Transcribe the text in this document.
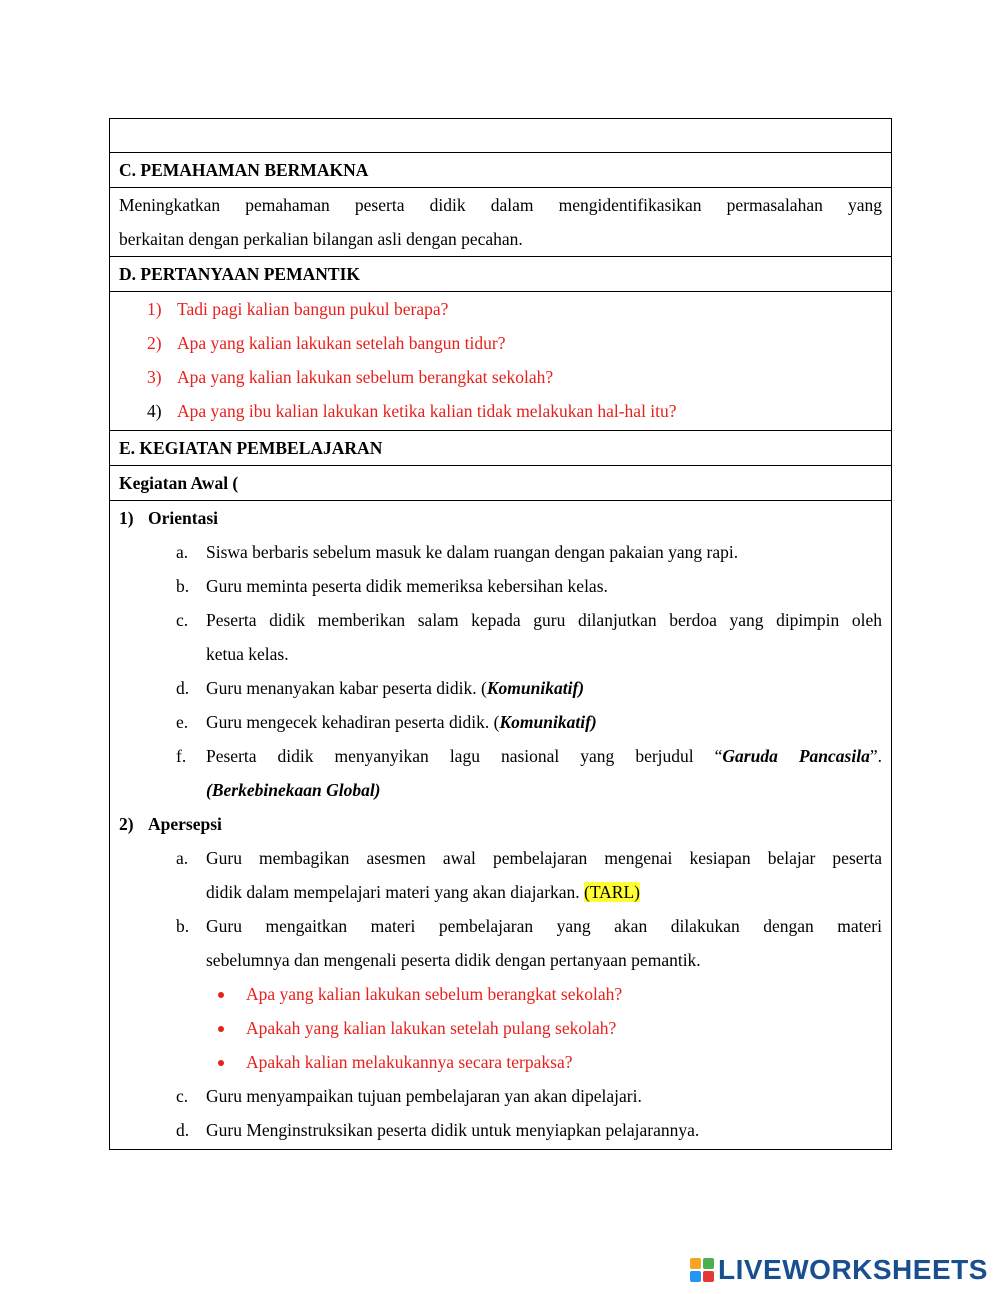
C. PEMAHAMAN BERMAKNA

Meningkatkan pemahaman peserta didik dalam mengidentifikasikan permasalahan yang
berkaitan dengan perkalian bilangan asli dengan pecahan.

D. PERTANYAAN PEMANTIK

1) Tadi pagi kalian bangun pukul berapa?
2) Apa yang kalian lakukan setelah bangun tidur?
3) Apa yang kalian lakukan sebelum berangkat sekolah?
4) Apa yang ibu kalian lakukan ketika kalian tidak melakukan hal-hal itu?

E. KEGIATAN PEMBELAJARAN
Kegiatan Awal (

1) Orientasi
a. Siswa berbaris sebelum masuk ke dalam ruangan dengan pakaian yang rapi.
b. Guru meminta peserta didik memeriksa kebersihan kelas.
c. Peserta didik memberikan salam kepada guru dilanjutkan berdoa yang dipimpin oleh
ketua kelas.
d. Guru menanyakan kabar peserta didik. (Komunikatif)
e. Guru mengecek kehadiran peserta didik. (Komunikatif)
f. Peserta didik menyanyikan lagu nasional yang berjudul “Garuda Pancasila”.
(Berkebinekaan Global)
2) Apersepsi
a. Guru membagikan asesmen awal pembelajaran mengenai kesiapan belajar peserta
didik dalam mempelajari materi yang akan diajarkan. (TARL)
b. Guru mengaitkan materi pembelajaran yang akan dilakukan dengan materi
sebelumnya dan mengenali peserta didik dengan pertanyaan pemantik.
Apa yang kalian lakukan sebelum berangkat sekolah?
Apakah yang kalian lakukan setelah pulang sekolah?
Apakah kalian melakukannya secara terpaksa?
c. Guru menyampaikan tujuan pembelajaran yan akan dipelajari.
d. Guru Menginstruksikan peserta didik untuk menyiapkan pelajarannya.
LIVEWORKSHEETS
